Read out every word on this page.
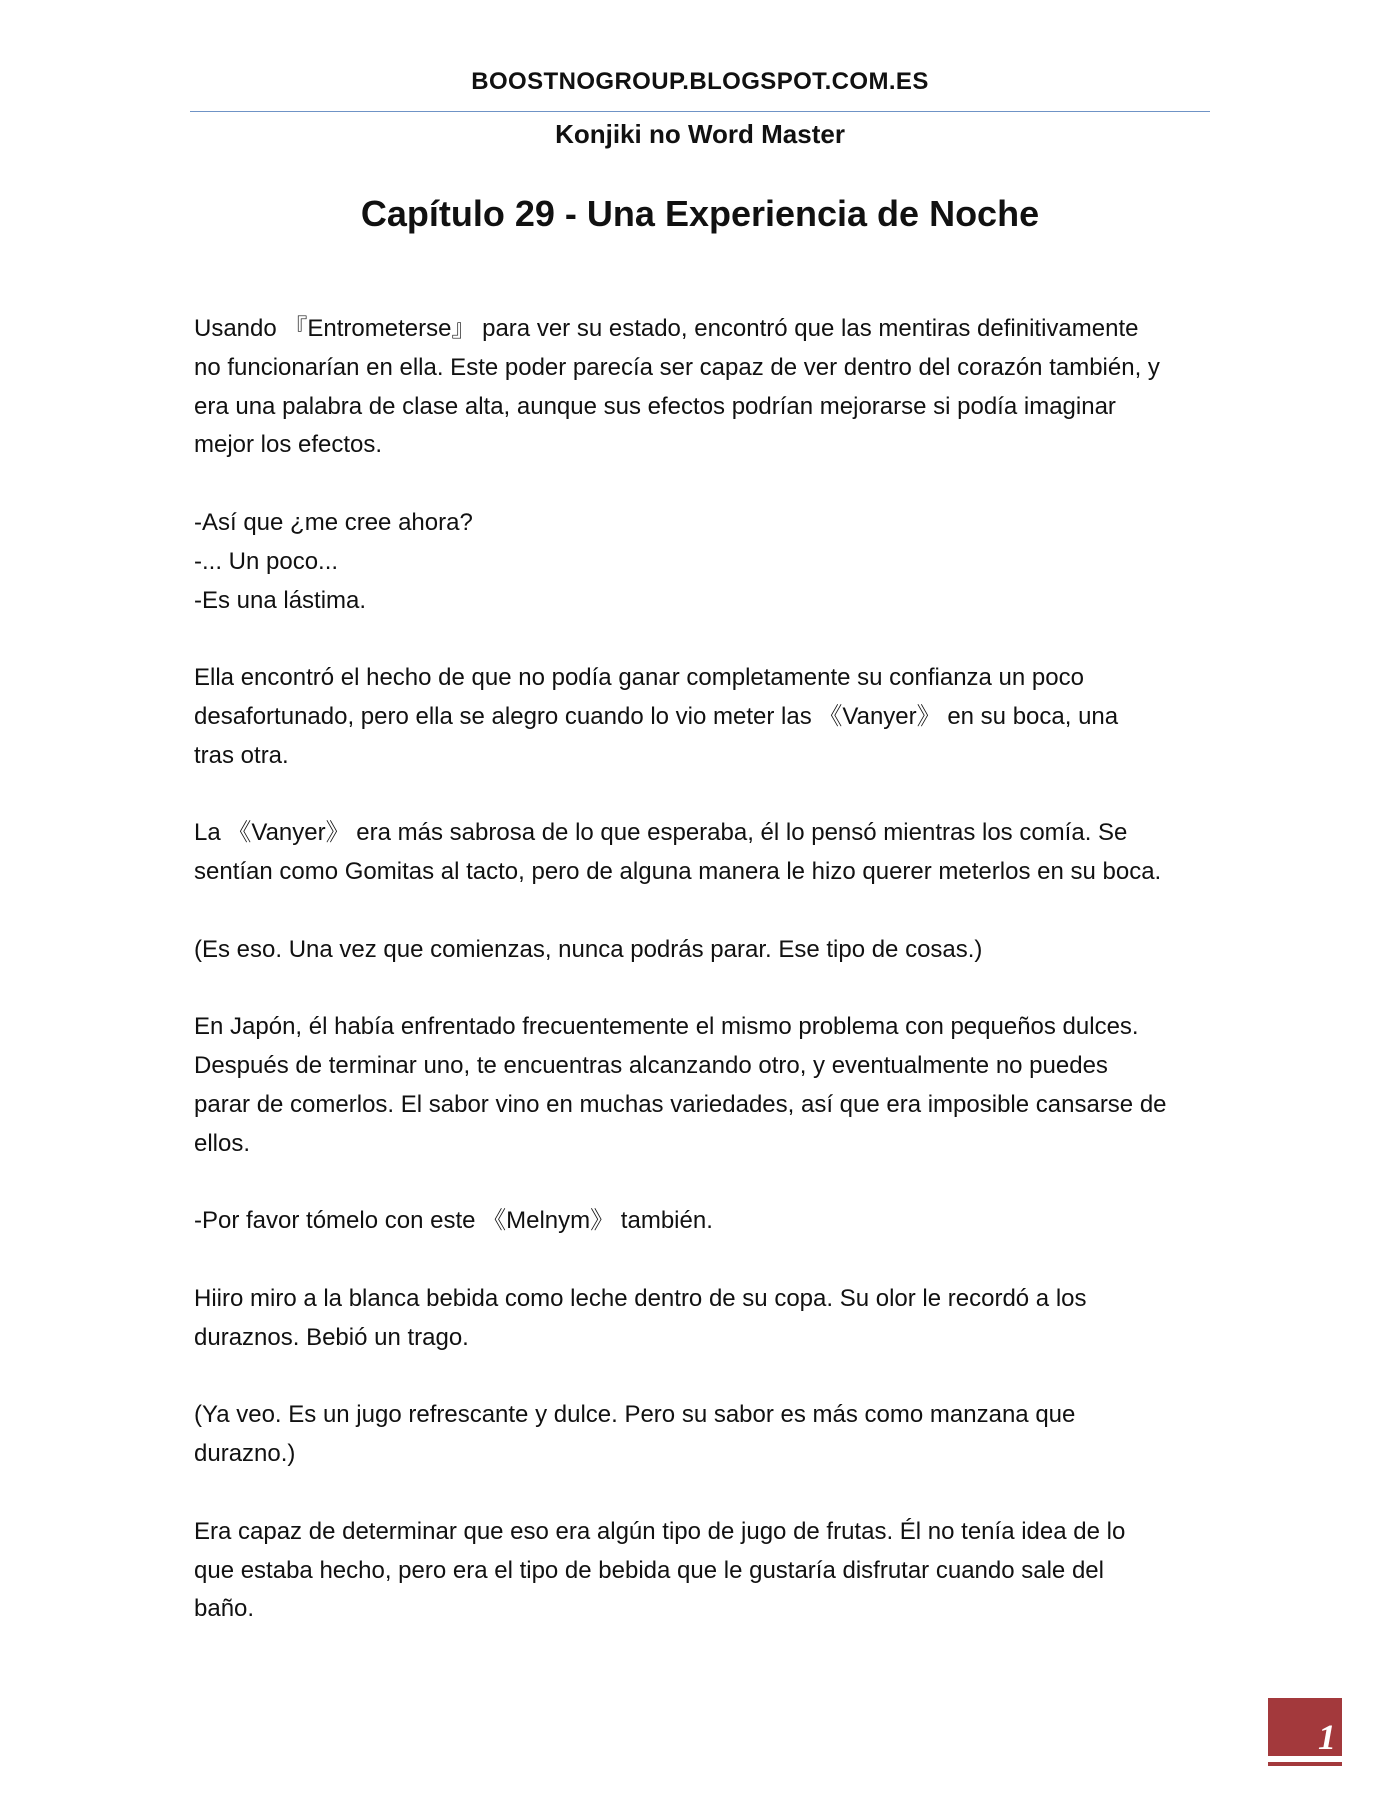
BOOSTNOGROUP.BLOGSPOT.COM.ES
Konjiki no Word Master
Capítulo 29 - Una Experiencia de Noche

Usando 『Entrometerse』 para ver su estado, encontró que las mentiras definitivamente
no funcionarían en ella. Este poder parecía ser capaz de ver dentro del corazón también, y
era una palabra de clase alta, aunque sus efectos podrían mejorarse si podía imaginar
mejor los efectos.

-Así que ¿me cree ahora?

-... Un poco...

-Es una lástima.

Ella encontró el hecho de que no podía ganar completamente su confianza un poco
desafortunado, pero ella se alegro cuando lo vio meter las 《Vanyer》 en su boca, una
tras otra.

La 《Vanyer》 era más sabrosa de lo que esperaba, él lo pensó mientras los comía. Se
sentían como Gomitas al tacto, pero de alguna manera le hizo querer meterlos en su boca.

(Es eso. Una vez que comienzas, nunca podrás parar. Ese tipo de cosas.)

En Japón, él había enfrentado frecuentemente el mismo problema con pequeños dulces.
Después de terminar uno, te encuentras alcanzando otro, y eventualmente no puedes
parar de comerlos. El sabor vino en muchas variedades, así que era imposible cansarse de
ellos.

-Por favor tómelo con este 《Melnym》 también.

Hiiro miro a la blanca bebida como leche dentro de su copa. Su olor le recordó a los
duraznos. Bebió un trago.

(Ya veo. Es un jugo refrescante y dulce. Pero su sabor es más como manzana que
durazno.)

Era capaz de determinar que eso era algún tipo de jugo de frutas. Él no tenía idea de lo
que estaba hecho, pero era el tipo de bebida que le gustaría disfrutar cuando sale del
baño.

1
